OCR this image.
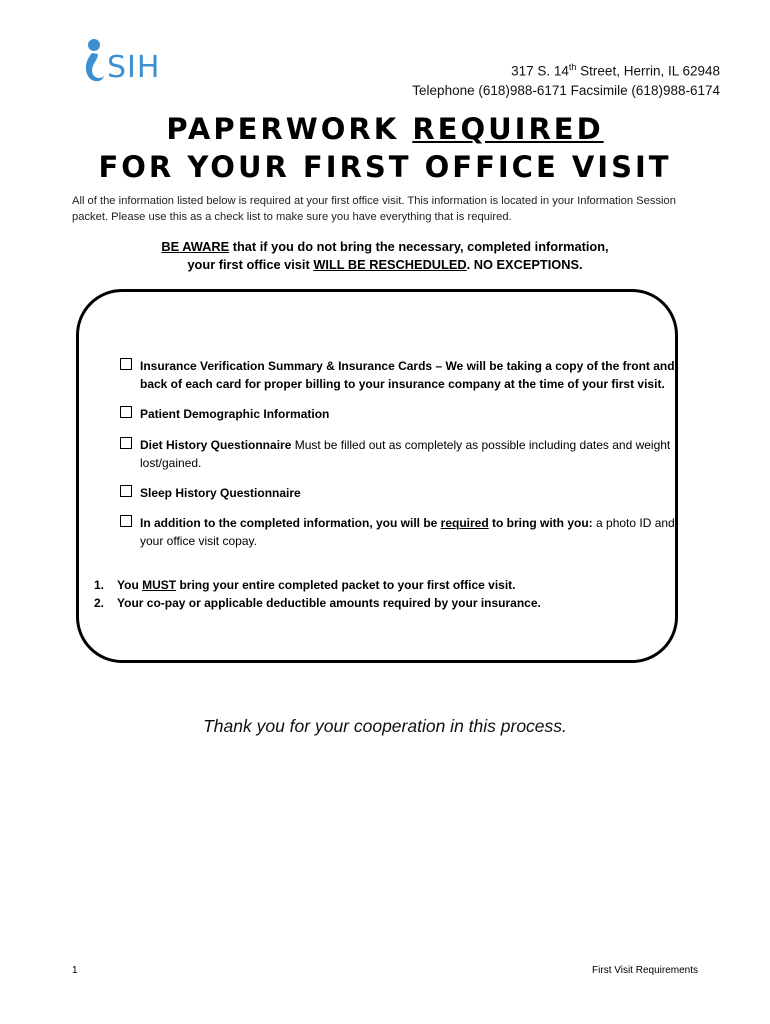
SIH	317 S. 14th Street, Herrin, IL 62948
Telephone (618)988-6171 Facsimile (618)988-6174
PAPERWORK REQUIRED
FOR YOUR FIRST OFFICE VISIT
All of the information listed below is required at your first office visit. This information is located in your Information Session packet. Please use this as a check list to make sure you have everything that is required.
BE AWARE that if you do not bring the necessary, completed information,
your first office visit WILL BE RESCHEDULED. NO EXCEPTIONS.
Insurance Verification Summary & Insurance Cards – We will be taking a copy of the front and back of each card for proper billing to your insurance company at the time of your first visit.
Patient Demographic Information
Diet History Questionnaire Must be filled out as completely as possible including dates and weight lost/gained.
Sleep History Questionnaire
In addition to the completed information, you will be required to bring with you: a photo ID and your office visit copay.
1. You MUST bring your entire completed packet to your first office visit.
2. Your co-pay or applicable deductible amounts required by your insurance.
Thank you for your cooperation in this process.
1	First Visit Requirements
